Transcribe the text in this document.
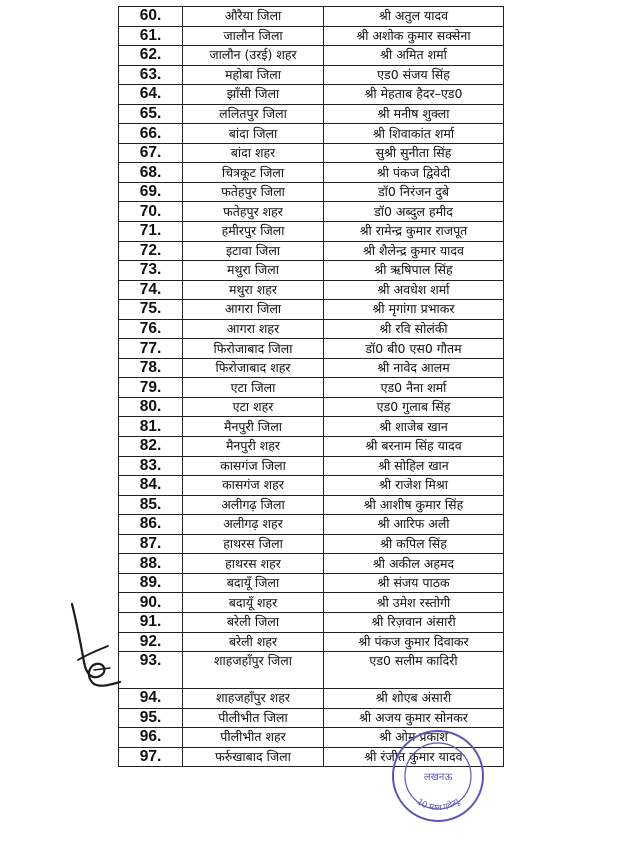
60.	औरैया जिला	श्री अतुल यादव
61.	जालौन जिला	श्री अशोक कुमार सक्सेना
62.	जालौन (उरई) शहर	श्री अमित शर्मा
63.	महोबा जिला	एड0 संजय सिंह
64.	झाँसी जिला	श्री मेहताब हैदर–एड0
65.	ललितपुर जिला	श्री मनीष शुक्ला
66.	बांदा जिला	श्री शिवाकांत शर्मा
67.	बांदा शहर	सुश्री सुनीता सिंह
68.	चित्रकूट जिला	श्री पंकज द्विवेदी
69.	फतेहपुर जिला	डॉ0 निरंजन दुबे
70.	फतेहपुर शहर	डॉ0 अब्दुल हमीद
71.	हमीरपुर जिला	श्री रामेन्द्र कुमार राजपूत
72.	इटावा जिला	श्री शैलेन्द्र कुमार यादव
73.	मथुरा जिला	श्री ऋषिपाल सिंह
74.	मथुरा शहर	श्री अवधेश शर्मा
75.	आगरा जिला	श्री मृगांगा प्रभाकर
76.	आगरा शहर	श्री रवि सोलंकी
77.	फिरोजाबाद जिला	डॉ0 बी0 एस0 गौतम
78.	फिरोजाबाद शहर	श्री नावेद आलम
79.	एटा जिला	एड0 नैना शर्मा
80.	एटा शहर	एड0 गुलाब सिंह
81.	मैनपुरी जिला	श्री शाजेब खान
82.	मैनपुरी शहर	श्री बरनाम सिंह यादव
83.	कासगंज जिला	श्री सोहिल खान
84.	कासगंज शहर	श्री राजेश मिश्रा
85.	अलीगढ़ जिला	श्री आशीष कुमार सिंह
86.	अलीगढ़ शहर	श्री आरिफ अली
87.	हाथरस जिला	श्री कपिल सिंह
88.	हाथरस शहर	श्री अकील अहमद
89.	बदायूँ जिला	श्री संजय पाठक
90.	बदायूँ शहर	श्री उमेश रस्तोगी
91.	बरेली जिला	श्री रिज़वान अंसारी
92.	बरेली शहर	श्री पंकज कुमार दिवाकर
93.	शाहजहाँपुर जिला	एड0 सलीम कादिरी
94.	शाहजहाँपुर शहर	श्री शोएब अंसारी
95.	पीलीभीत जिला	श्री अजय कुमार सोनकर
96.	पीलीभीत शहर	श्री ओम प्रकाश
97.	फर्रुखाबाद जिला	श्री रंजीत कुमार यादव
लखनऊ
10 माल एवेन्यू
